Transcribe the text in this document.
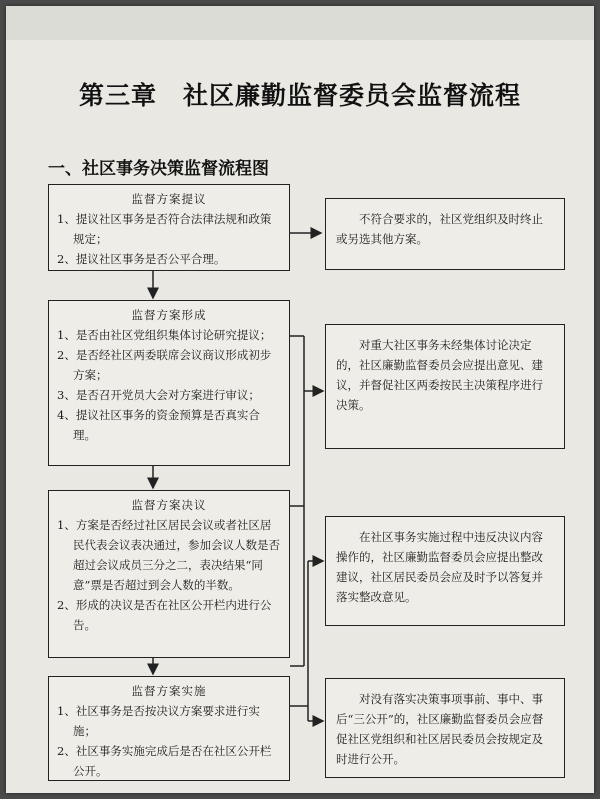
第三章　社区廉勤监督委员会监督流程
一、社区事务决策监督流程图
监督方案提议
1、提议社区事务是否符合法律法规和政策规定；
2、提议社区事务是否公平合理。
监督方案形成
1、是否由社区党组织集体讨论研究提议；
2、是否经社区两委联席会议商议形成初步方案；
3、是否召开党员大会对方案进行审议；
4、提议社区事务的资金预算是否真实合理。
监督方案决议
1、方案是否经过社区居民会议或者社区居民代表会议表决通过，参加会议人数是否超过会议成员三分之二，表决结果“同意”票是否超过到会人数的半数。
2、形成的决议是否在社区公开栏内进行公告。
监督方案实施
1、社区事务是否按决议方案要求进行实施；
2、社区事务实施完成后是否在社区公开栏公开。
不符合要求的，社区党组织及时终止或另选其他方案。
对重大社区事务未经集体讨论决定的，社区廉勤监督委员会应提出意见、建议，并督促社区两委按民主决策程序进行决策。
在社区事务实施过程中违反决议内容操作的，社区廉勤监督委员会应提出整改建议，社区居民委员会应及时予以答复并落实整改意见。
对没有落实决策事项事前、事中、事后“三公开”的，社区廉勤监督委员会应督促社区党组织和社区居民委员会按规定及时进行公开。
